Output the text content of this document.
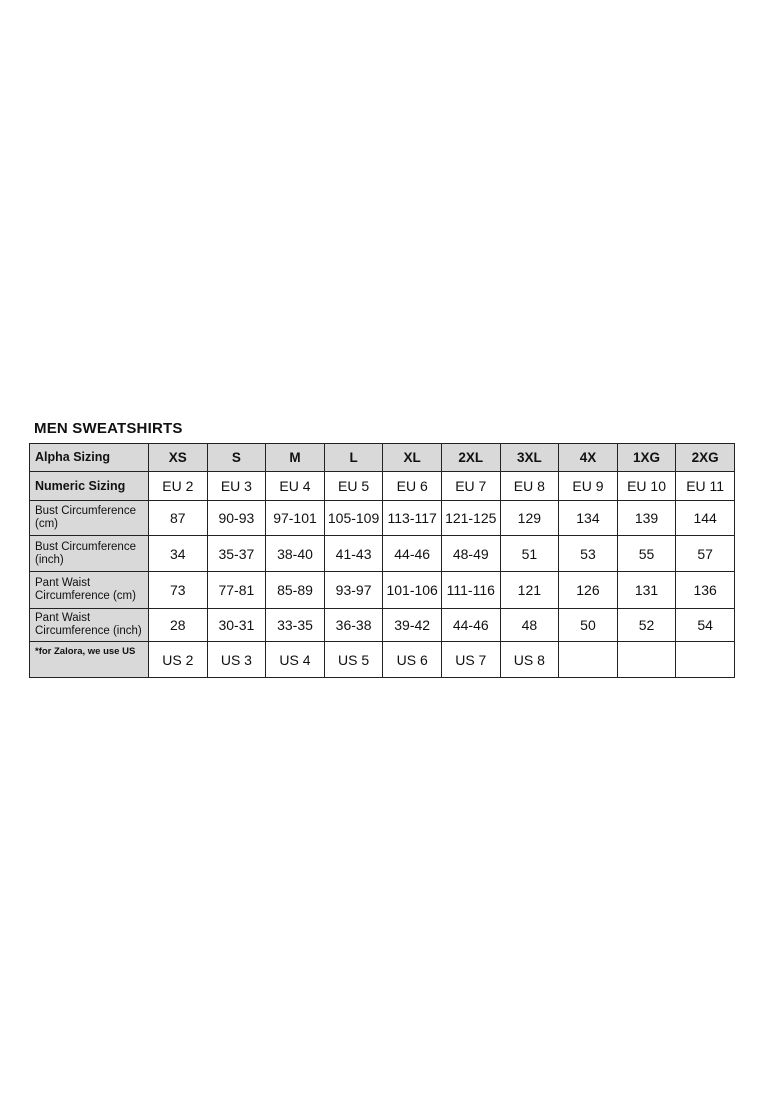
MEN SWEATSHIRTS
Alpha Sizing	XS	S	M	L	XL	2XL	3XL	4X	1XG	2XG
Numeric Sizing	EU 2	EU 3	EU 4	EU 5	EU 6	EU 7	EU 8	EU 9	EU 10	EU 11
Bust Circumference (cm)	87	90-93	97-101	105-109	113-117	121-125	129	134	139	144
Bust Circumference (inch)	34	35-37	38-40	41-43	44-46	48-49	51	53	55	57
Pant Waist Circumference (cm)	73	77-81	85-89	93-97	101-106	111-116	121	126	131	136
Pant Waist Circumference (inch)	28	30-31	33-35	36-38	39-42	44-46	48	50	52	54
*for Zalora, we use US	US 2	US 3	US 4	US 5	US 6	US 7	US 8			
